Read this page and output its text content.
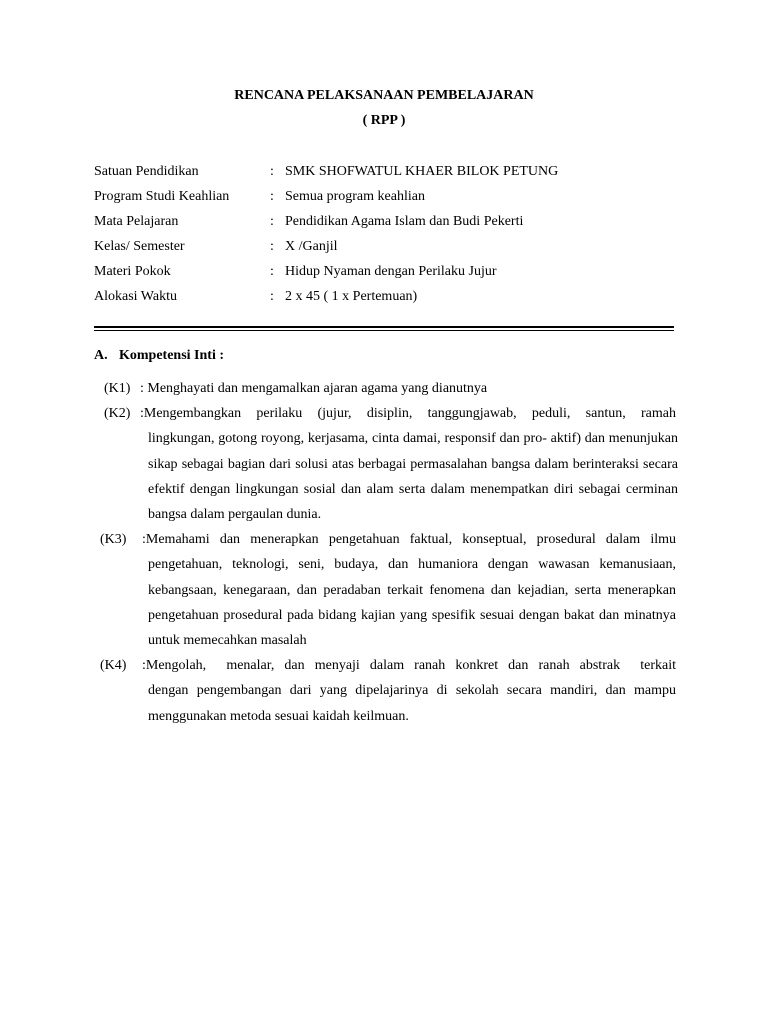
RENCANA PELAKSANAAN PEMBELAJARAN
( RPP )
Satuan Pendidikan	: SMK SHOFWATUL KHAER BILOK PETUNG
Program Studi Keahlian	: Semua program keahlian
Mata Pelajaran	: Pendidikan Agama Islam dan Budi Pekerti
Kelas/ Semester	: X /Ganjil
Materi Pokok	: Hidup Nyaman dengan Perilaku Jujur
Alokasi Waktu	: 2 x 45 ( 1 x Pertemuan)
A. Kompetensi Inti :
(K1) : Menghayati dan mengamalkan ajaran agama yang dianutnya
(K2) :Mengembangkan perilaku (jujur, disiplin, tanggungjawab, peduli, santun, ramah
lingkungan, gotong royong, kerjasama, cinta damai, responsif dan pro- aktif) dan menunjukan sikap sebagai bagian dari solusi atas berbagai permasalahan bangsa dalam berinteraksi secara efektif dengan lingkungan sosial dan alam serta dalam menempatkan diri sebagai cerminan bangsa dalam pergaulan dunia.
(K3) :Memahami dan menerapkan pengetahuan faktual, konseptual, prosedural dalam ilmu
pengetahuan, teknologi, seni, budaya, dan humaniora dengan wawasan kemanusiaan, kebangsaan, kenegaraan, dan peradaban terkait fenomena dan kejadian, serta menerapkan pengetahuan prosedural pada bidang kajian yang spesifik sesuai dengan bakat dan minatnya untuk memecahkan masalah
(K4) :Mengolah,  menalar, dan menyaji dalam ranah konkret dan ranah abstrak  terkait
dengan pengembangan dari yang dipelajarinya di sekolah secara mandiri, dan mampu menggunakan metoda sesuai kaidah keilmuan.
